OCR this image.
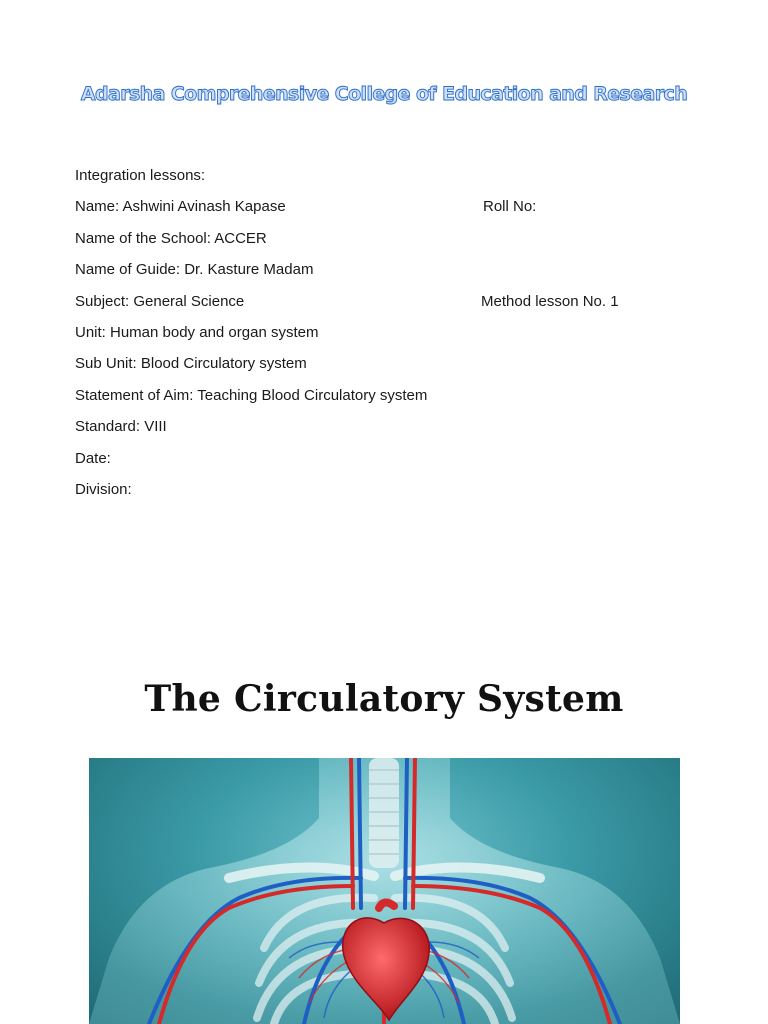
Adarsha Comprehensive College of Education and Research
Integration lessons:
Name: Ashwini Avinash Kapase	Roll No:
Name of the School: ACCER
Name of Guide: Dr. Kasture Madam
Subject: General Science	Method lesson No. 1
Unit: Human body and organ system
Sub Unit: Blood Circulatory system
Statement of Aim: Teaching Blood Circulatory system
Standard: VIII
Date:
Division:
The Circulatory System
